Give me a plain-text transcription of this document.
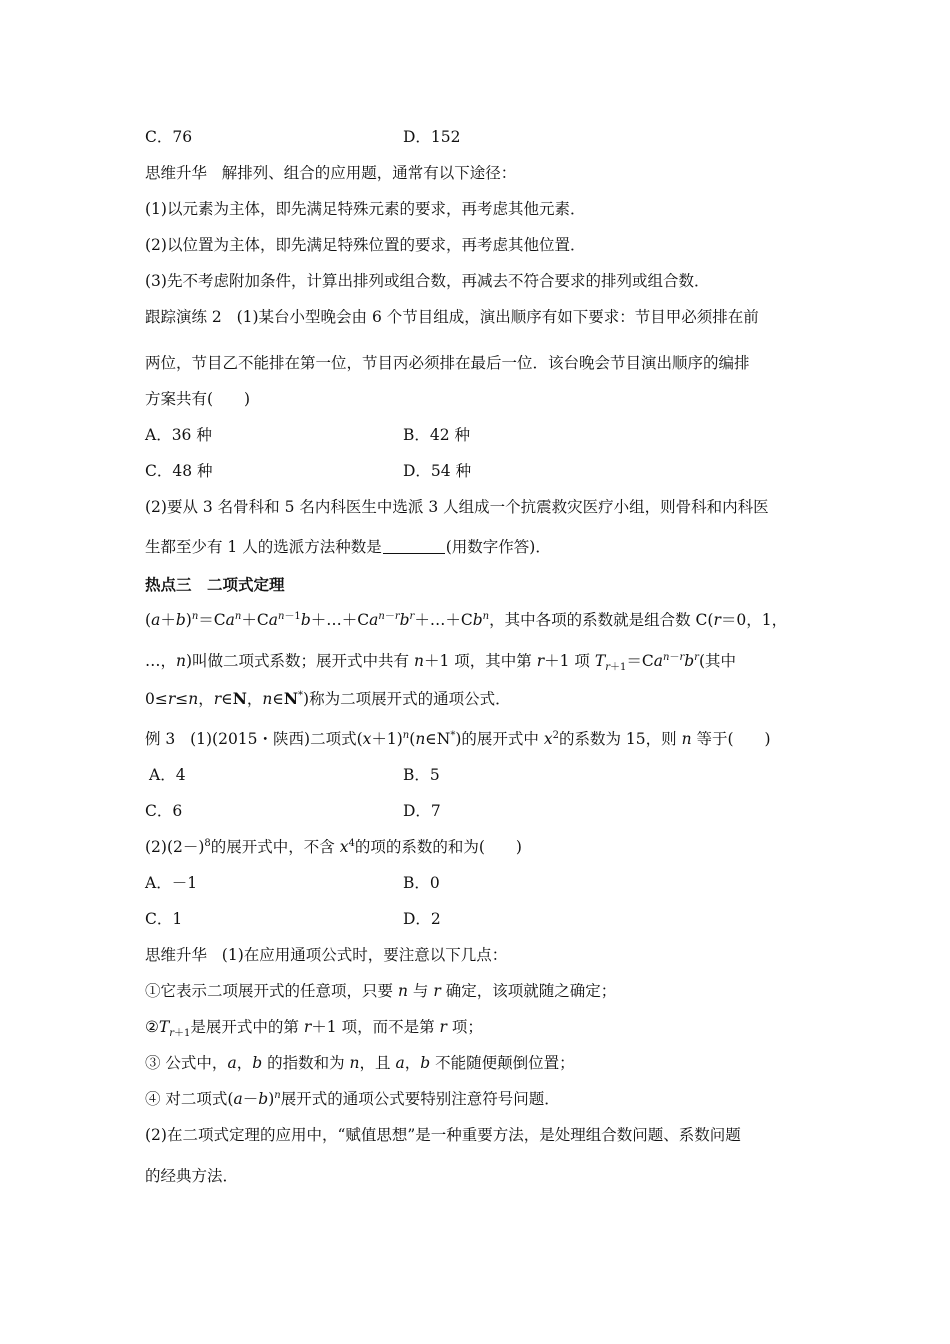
C．76	D．152
思维升华 解排列、组合的应用题，通常有以下途径：
(1)以元素为主体，即先满足特殊元素的要求，再考虑其他元素．
(2)以位置为主体，即先满足特殊位置的要求，再考虑其他位置．
(3)先不考虑附加条件，计算出排列或组合数，再减去不符合要求的排列或组合数．
跟踪演练 2 (1)某台小型晚会由 6 个节目组成，演出顺序有如下要求：节目甲必须排在前
两位，节目乙不能排在第一位，节目丙必须排在最后一位．该台晚会节目演出顺序的编排
方案共有(　　)
A．36 种	B．42 种
C．48 种	D．54 种
(2)要从 3 名骨科和 5 名内科医生中选派 3 人组成一个抗震救灾医疗小组，则骨科和内科医
生都至少有 1 人的选派方法种数是	(用数字作答)．
热点三　二项式定理
$(a+b)^n=Ca^n+Ca^{n-1}b+\dots+Ca^{n-r}b^r+\dots+Cb^n$，其中各项的系数就是组合数 C(r＝0，1，
…，n)叫做二项式系数；展开式中共有 n＋1 项，其中第 r＋1 项 $T_{r+1}=Ca^{n-r}b^r$(其中
0≤r≤n，r∈N，n∈N*)称为二项展开式的通项公式．
例 3 (1)(2015・陕西)二项式$(x+1)^n(n\in N^*)$的展开式中 $x^2$的系数为 15，则 n 等于(　　)
A．4	B．5
C．6	D．7
$(2)(2-)^8$的展开式中，不含 $x^4$的项的系数的和为(　　)
A．－1	B．0
C．1	D．2
思维升华 (1)在应用通项公式时，要注意以下几点：
①它表示二项展开式的任意项，只要 n 与 r 确定，该项就随之确定；
$②T_{r+1}$是展开式中的第 r＋1 项，而不是第 r 项；
③ 公式中，a，b 的指数和为 n，且 a，b 不能随便颠倒位置；
④ 对二项式$(a-b)^n$展开式的通项公式要特别注意符号问题．
(2)在二项式定理的应用中，“赋值思想”是一种重要方法，是处理组合数问题、系数问题
的经典方法．
